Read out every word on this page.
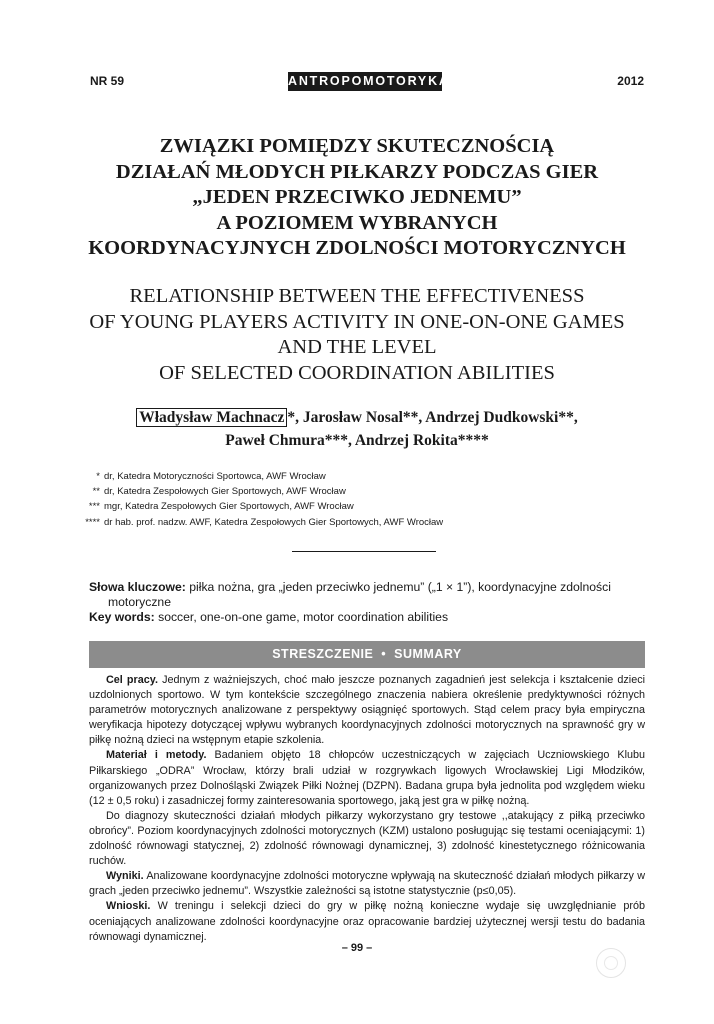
NR 59	ANTROPOMOTORYKA	2012
ZWIĄZKI POMIĘDZY SKUTECZNOŚCIĄ
DZIAŁAŃ MŁODYCH PIŁKARZY PODCZAS GIER
„JEDEN PRZECIWKO JEDNEMU”
A POZIOMEM WYBRANYCH
KOORDYNACYJNYCH ZDOLNOŚCI MOTORYCZNYCH
RELATIONSHIP BETWEEN THE EFFECTIVENESS
OF YOUNG PLAYERS ACTIVITY IN ONE-ON-ONE GAMES
AND THE LEVEL
OF SELECTED COORDINATION ABILITIES
Władysław Machnacz *, Jarosław Nosal**, Andrzej Dudkowski**,
Paweł Chmura***, Andrzej Rokita****
* dr, Katedra Motoryczności Sportowca, AWF Wrocław
** dr, Katedra Zespołowych Gier Sportowych, AWF Wrocław
*** mgr, Katedra Zespołowych Gier Sportowych, AWF Wrocław
**** dr hab. prof. nadzw. AWF, Katedra Zespołowych Gier Sportowych, AWF Wrocław
Słowa kluczowe: piłka nożna, gra „jeden przeciwko jednemu” („1 × 1”), koordynacyjne zdolności
motoryczne
Key words: soccer, one-on-one game, motor coordination abilities
STRESZCZENIE  •  SUMMARY

Cel pracy. Jednym z ważniejszych, choć mało jeszcze poznanych zagadnień jest selekcja i kształcenie dzieci uzdolnionych sportowo. W tym kontekście szczególnego znaczenia nabiera określenie predyktywności różnych parametrów motorycznych analizowane z perspektywy osiągnięć sportowych. Stąd celem pracy była empiryczna weryfikacja hipotezy dotyczącej wpływu wybranych koordynacyjnych zdolności motorycznych na sprawność gry w piłkę nożną dzieci na wstępnym etapie szkolenia.

Materiał i metody. Badaniem objęto 18 chłopców uczestniczących w zajęciach Uczniowskiego Klubu Piłkarskiego „ODRA” Wrocław, którzy brali udział w rozgrywkach ligowych Wrocławskiej Ligi Młodzików, organizowanych przez Dolnośląski Związek Piłki Nożnej (DZPN). Badana grupa była jednolita pod względem wieku (12 ± 0,5 roku) i zasadniczej formy zainteresowania sportowego, jaką jest gra w piłkę nożną.

Do diagnozy skuteczności działań młodych piłkarzy wykorzystano gry testowe ,,atakujący z piłką przeciwko obrońcy”. Poziom koordynacyjnych zdolności motorycznych (KZM) ustalono posługując się testami oceniającymi: 1) zdolność równowagi statycznej, 2) zdolność równowagi dynamicznej, 3) zdolność kinestetycznego różnicowania ruchów.

Wyniki. Analizowane koordynacyjne zdolności motoryczne wpływają na skuteczność działań młodych piłkarzy w grach „jeden przeciwko jednemu”. Wszystkie zależności są istotne statystycznie (p≤0,05).

Wnioski. W treningu i selekcji dzieci do gry w piłkę nożną konieczne wydaje się uwzględnianie prób oceniających analizowane zdolności koordynacyjne oraz opracowanie bardziej użytecznej wersji testu do badania równowagi dynamicznej.

– 99 –
